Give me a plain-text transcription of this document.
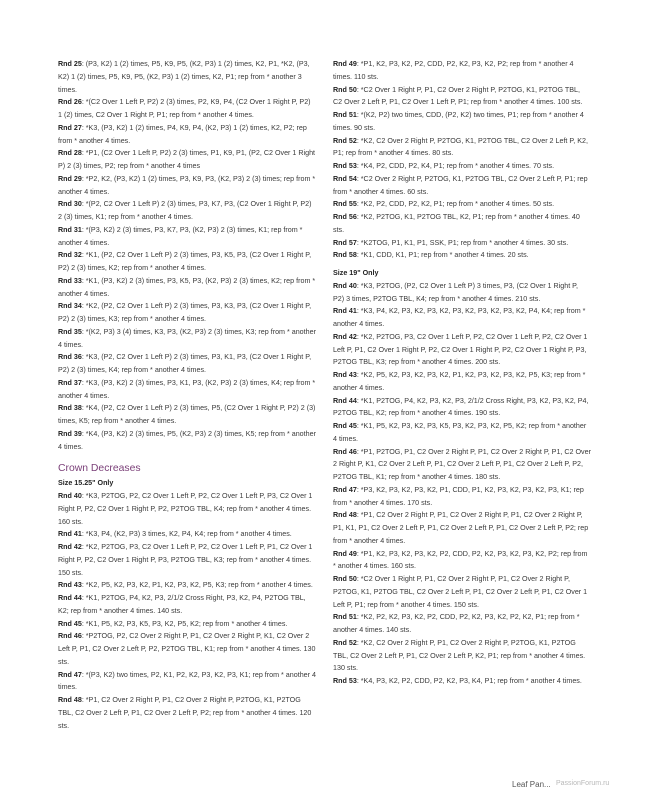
Rnd 25: (P3, K2) 1 (2) times, P5, K9, P5, (K2, P3) 1 (2) times, K2, P1, *K2, (P3, K2) 1 (2) times, P5, K9, P5, (K2, P3) 1 (2) times, K2, P1; rep from * another 3 times.

Rnd 26: *(C2 Over 1 Left P, P2) 2 (3) times, P2, K9, P4, (C2 Over 1 Right P, P2) 1 (2) times, C2 Over 1 Right P, P1; rep from * another 4 times.

Rnd 27: *K3, (P3, K2) 1 (2) times, P4, K9, P4, (K2, P3) 1 (2) times, K2, P2; rep from * another 4 times.

Rnd 28: *P1, (C2 Over 1 Left P, P2) 2 (3) times, P1, K9, P1, (P2, C2 Over 1 Right P) 2 (3) times, P2; rep from * another 4 times

Rnd 29: *P2, K2, (P3, K2) 1 (2) times, P3, K9, P3, (K2, P3) 2 (3) times; rep from * another 4 times.

Rnd 30: *(P2, C2 Over 1 Left P) 2 (3) times, P3, K7, P3, (C2 Over 1 Right P, P2) 2 (3) times, K1; rep from * another 4 times.

Rnd 31: *(P3, K2) 2 (3) times, P3, K7, P3, (K2, P3) 2 (3) times, K1; rep from * another 4 times.

Rnd 32: *K1, (P2, C2 Over 1 Left P) 2 (3) times, P3, K5, P3, (C2 Over 1 Right P, P2) 2 (3) times, K2; rep from * another 4 times.

Rnd 33: *K1, (P3, K2) 2 (3) times, P3, K5, P3, (K2, P3) 2 (3) times, K2; rep from * another 4 times.

Rnd 34: *K2, (P2, C2 Over 1 Left P) 2 (3) times, P3, K3, P3, (C2 Over 1 Right P, P2) 2 (3) times, K3; rep from * another 4 times.

Rnd 35: *(K2, P3) 3 (4) times, K3, P3, (K2, P3) 2 (3) times, K3; rep from * another 4 times.

Rnd 36: *K3, (P2, C2 Over 1 Left P) 2 (3) times, P3, K1, P3, (C2 Over 1 Right P, P2) 2 (3) times, K4; rep from * another 4 times.

Rnd 37: *K3, (P3, K2) 2 (3) times, P3, K1, P3, (K2, P3) 2 (3) times, K4; rep from * another 4 times.

Rnd 38: *K4, (P2, C2 Over 1 Left P) 2 (3) times, P5, (C2 Over 1 Right P, P2) 2 (3) times, K5; rep from * another 4 times.

Rnd 39: *K4, (P3, K2) 2 (3) times, P5, (K2, P3) 2 (3) times, K5; rep from * another 4 times.

Crown Decreases

Size 15.25" Only

Rnd 40: *K3, P2TOG, P2, C2 Over 1 Left P, P2, C2 Over 1 Left P, P3, C2 Over 1 Right P, P2, C2 Over 1 Right P, P2, P2TOG TBL, K4; rep from * another 4 times. 160 sts.

Rnd 41: *K3, P4, (K2, P3) 3 times, K2, P4, K4; rep from * another 4 times.

Rnd 42: *K2, P2TOG, P3, C2 Over 1 Left P, P2, C2 Over 1 Left P, P1, C2 Over 1 Right P, P2, C2 Over 1 Right P, P3, P2TOG TBL, K3; rep from * another 4 times. 150 sts.

Rnd 43: *K2, P5, K2, P3, K2, P1, K2, P3, K2, P5, K3; rep from * another 4 times.

Rnd 44: *K1, P2TOG, P4, K2, P3, 2/1/2 Cross Right, P3, K2, P4, P2TOG TBL, K2; rep from * another 4 times. 140 sts.

Rnd 45: *K1, P5, K2, P3, K5, P3, K2, P5, K2; rep from * another 4 times.

Rnd 46: *P2TOG, P2, C2 Over 2 Right P, P1, C2 Over 2 Right P, K1, C2 Over 2 Left P, P1, C2 Over 2 Left P, P2, P2TOG TBL, K1; rep from * another 4 times. 130 sts.

Rnd 47: *(P3, K2) two times, P2, K1, P2, K2, P3, K2, P3, K1; rep from * another 4 times.

Rnd 48: *P1, C2 Over 2 Right P, P1, C2 Over 2 Right P, P2TOG, K1, P2TOG TBL, C2 Over 2 Left P, P1, C2 Over 2 Left P, P2; rep from * another 4 times. 120 sts.

Rnd 49: *P1, K2, P3, K2, P2, CDD, P2, K2, P3, K2, P2; rep from * another 4 times. 110 sts.

Rnd 50: *C2 Over 1 Right P, P1, C2 Over 2 Right P, P2TOG, K1, P2TOG TBL, C2 Over 2 Left P, P1, C2 Over 1 Left P, P1; rep from * another 4 times. 100 sts.

Rnd 51: *(K2, P2) two times, CDD, (P2, K2) two times, P1; rep from * another 4 times. 90 sts.

Rnd 52: *K2, C2 Over 2 Right P, P2TOG, K1, P2TOG TBL, C2 Over 2 Left P, K2, P1; rep from * another 4 times. 80 sts.

Rnd 53: *K4, P2, CDD, P2, K4, P1; rep from * another 4 times. 70 sts.

Rnd 54: *C2 Over 2 Right P, P2TOG, K1, P2TOG TBL, C2 Over 2 Left P, P1; rep from * another 4 times. 60 sts.

Rnd 55: *K2, P2, CDD, P2, K2, P1; rep from * another 4 times. 50 sts.

Rnd 56: *K2, P2TOG, K1, P2TOG TBL, K2, P1; rep from * another 4 times. 40 sts.

Rnd 57: *K2TOG, P1, K1, P1, SSK, P1; rep from * another 4 times. 30 sts.

Rnd 58: *K1, CDD, K1, P1; rep from * another 4 times. 20 sts.

Size 19" Only

Rnd 40: *K3, P2TOG, (P2, C2 Over 1 Left P) 3 times, P3, (C2 Over 1 Right P, P2) 3 times, P2TOG TBL, K4; rep from * another 4 times. 210 sts.

Rnd 41: *K3, P4, K2, P3, K2, P3, K2, P3, K2, P3, K2, P3, K2, P4, K4; rep from * another 4 times.

Rnd 42: *K2, P2TOG, P3, C2 Over 1 Left P, P2, C2 Over 1 Left P, P2, C2 Over 1 Left P, P1, C2 Over 1 Right P, P2, C2 Over 1 Right P, P2, C2 Over 1 Right P, P3, P2TOG TBL, K3; rep from * another 4 times. 200 sts.

Rnd 43: *K2, P5, K2, P3, K2, P3, K2, P1, K2, P3, K2, P3, K2, P5, K3; rep from * another 4 times.

Rnd 44: *K1, P2TOG, P4, K2, P3, K2, P3, 2/1/2 Cross Right, P3, K2, P3, K2, P4, P2TOG TBL, K2; rep from * another 4 times. 190 sts.

Rnd 45: *K1, P5, K2, P3, K2, P3, K5, P3, K2, P3, K2, P5, K2; rep from * another 4 times.

Rnd 46: *P1, P2TOG, P1, C2 Over 2 Right P, P1, C2 Over 2 Right P, P1, C2 Over 2 Right P, K1, C2 Over 2 Left P, P1, C2 Over 2 Left P, P1, C2 Over 2 Left P, P2, P2TOG TBL, K1; rep from * another 4 times. 180 sts.

Rnd 47: *P3, K2, P3, K2, P3, K2, P1, CDD, P1, K2, P3, K2, P3, K2, P3, K1; rep from * another 4 times. 170 sts.

Rnd 48: *P1, C2 Over 2 Right P, P1, C2 Over 2 Right P, P1, C2 Over 2 Right P, P1, K1, P1, C2 Over 2 Left P, P1, C2 Over 2 Left P, P1, C2 Over 2 Left P, P2; rep from * another 4 times.

Rnd 49: *P1, K2, P3, K2, P3, K2, P2, CDD, P2, K2, P3, K2, P3, K2, P2; rep from * another 4 times. 160 sts.

Rnd 50: *C2 Over 1 Right P, P1, C2 Over 2 Right P, P1, C2 Over 2 Right P, P2TOG, K1, P2TOG TBL, C2 Over 2 Left P, P1, C2 Over 2 Left P, P1, C2 Over 1 Left P, P1; rep from * another 4 times. 150 sts.

Rnd 51: *K2, P2, K2, P3, K2, P2, CDD, P2, K2, P3, K2, P2, K2, P1; rep from * another 4 times. 140 sts.

Rnd 52: *K2, C2 Over 2 Right P, P1, C2 Over 2 Right P, P2TOG, K1, P2TOG TBL, C2 Over 2 Left P, P1, C2 Over 2 Left P, K2, P1; rep from * another 4 times. 130 sts.

Rnd 53: *K4, P3, K2, P2, CDD, P2, K2, P3, K4, P1; rep from * another 4 times.

Leaf Pan... PassionForum.ru
